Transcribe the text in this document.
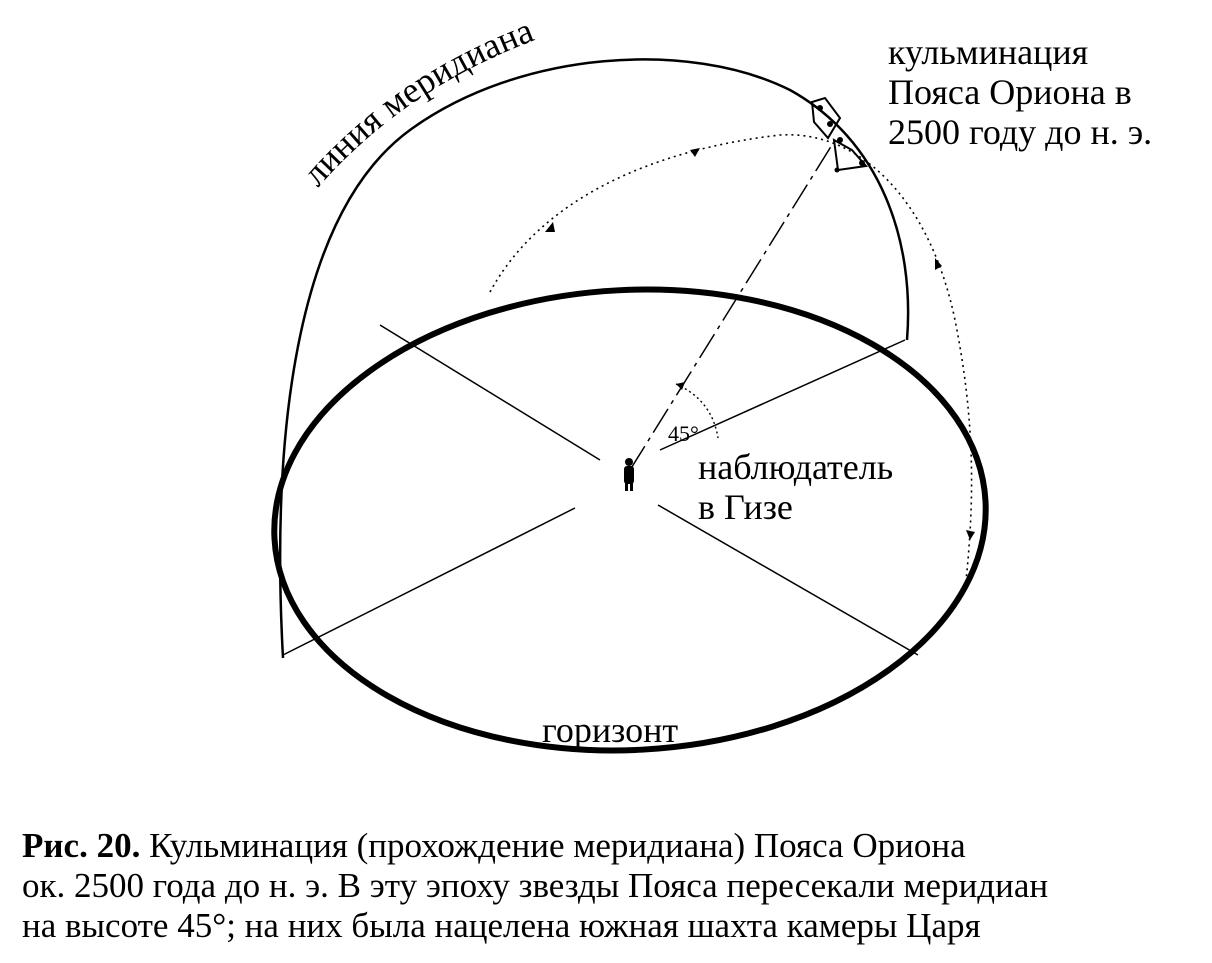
линия меридиана	кульминация
Пояса Ориона в
2500 году до н. э.
45°
наблюдатель
в Гизе
горизонт
Рис. 20. Кульминация (прохождение меридиана) Пояса Ориона
ок. 2500 года до н. э. В эту эпоху звезды Пояса пересекали меридиан
на высоте 45°; на них была нацелена южная шахта камеры Царя
